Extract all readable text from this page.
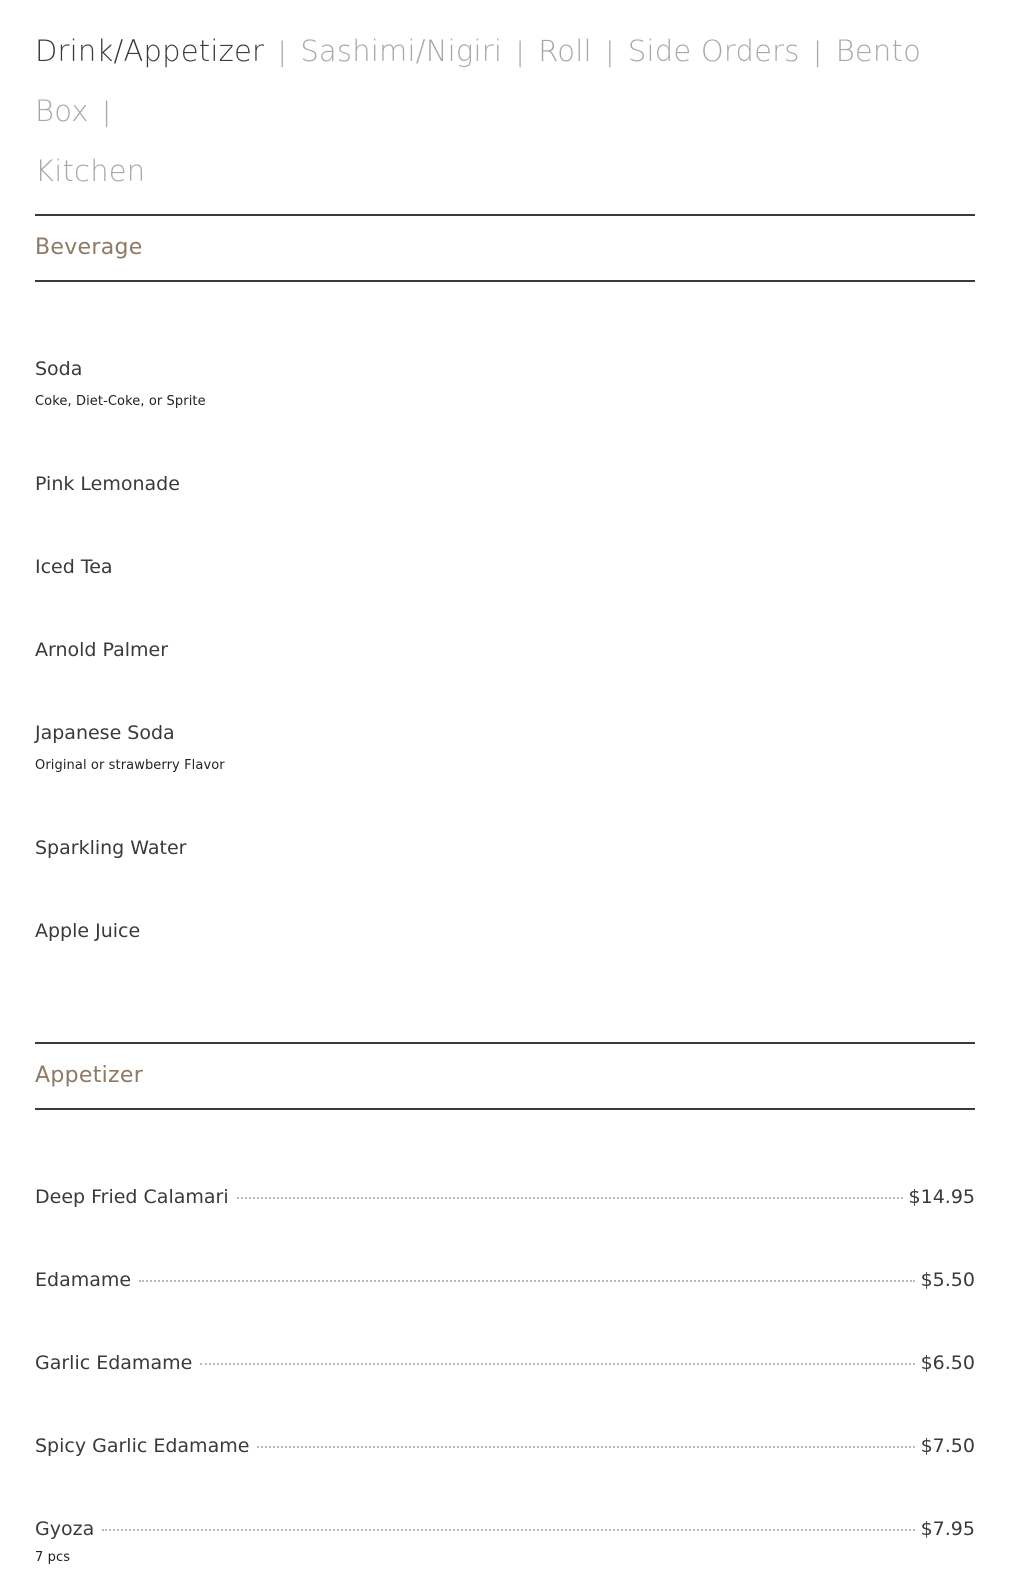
Drink/Appetizer | Sashimi/Nigiri | Roll | Side Orders | Bento Box |
Kitchen
Beverage
Soda
Coke, Diet-Coke, or Sprite
Pink Lemonade
Iced Tea
Arnold Palmer
Japanese Soda
Original or strawberry Flavor
Sparkling Water
Apple Juice
Appetizer
Deep Fried Calamari	$14.95
Edamame	$5.50
Garlic Edamame	$6.50
Spicy Garlic Edamame	$7.50
Gyoza	$7.95
7 pcs
